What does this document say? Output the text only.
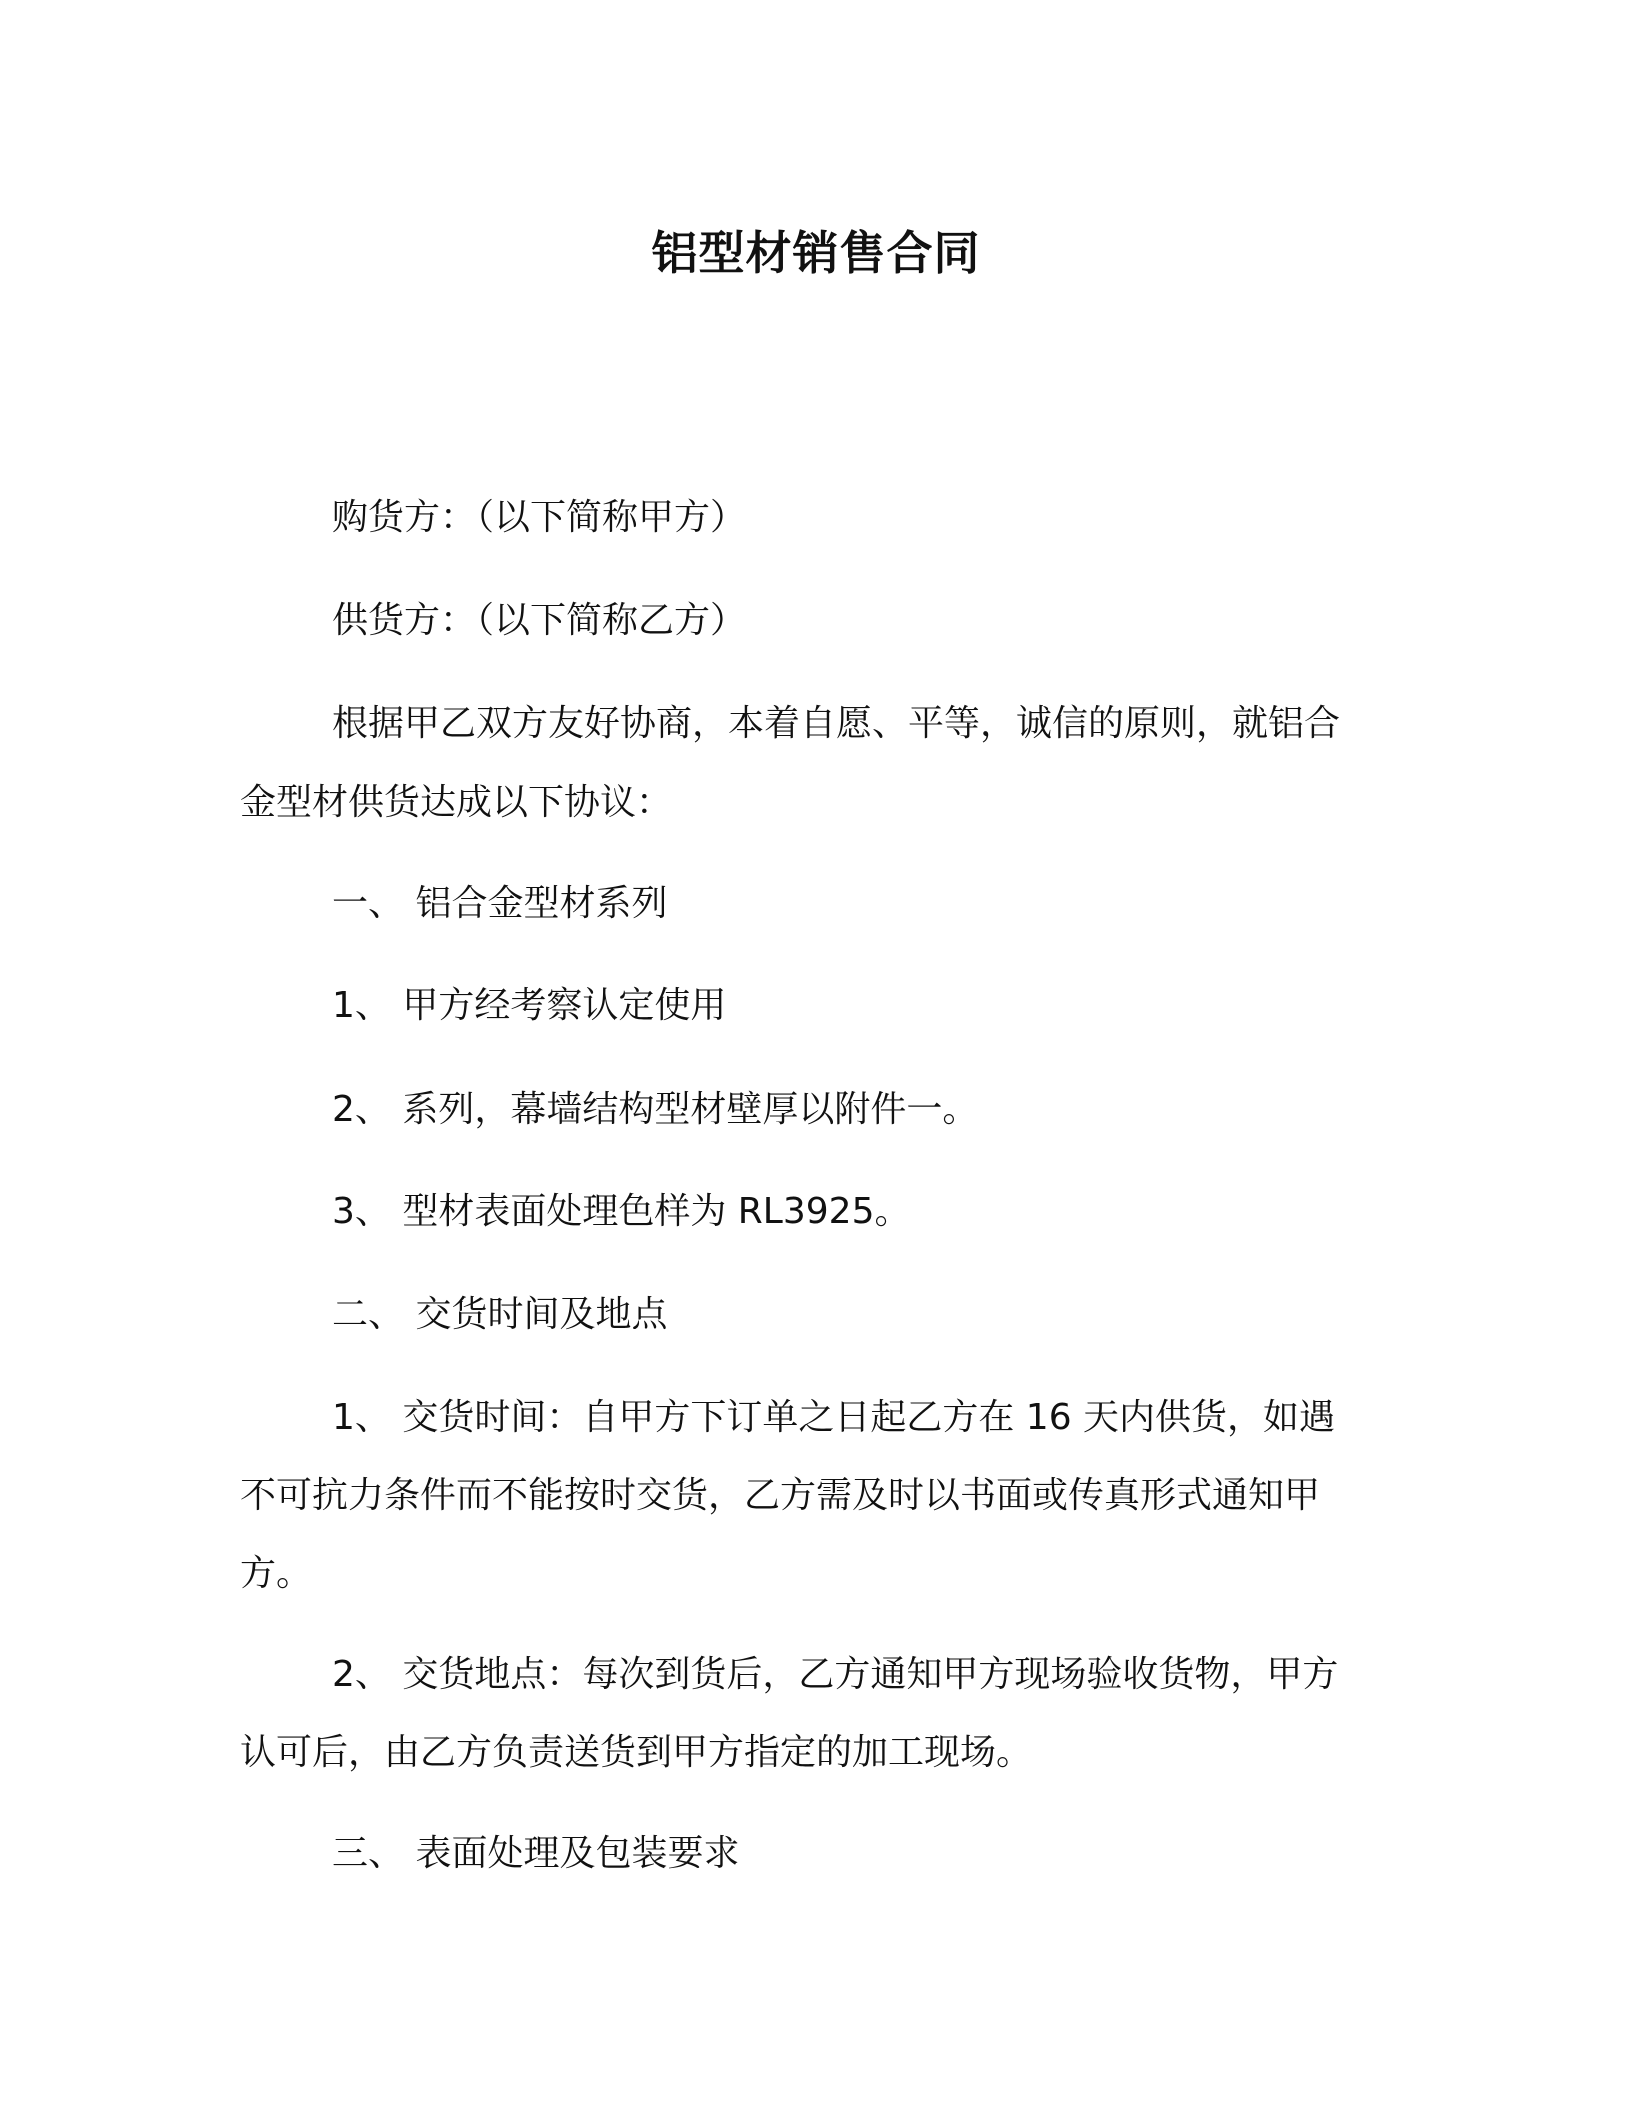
铝型材销售合同
购货方：（以下简称甲方）
供货方：（以下简称乙方）
根据甲乙双方友好协商，本着自愿、平等，诚信的原则，就铝合
金型材供货达成以下协议：
一、 铝合金型材系列
1、 甲方经考察认定使用
2、 系列，幕墙结构型材壁厚以附件一。
3、 型材表面处理色样为 RL3925。
二、 交货时间及地点
1、 交货时间：自甲方下订单之日起乙方在 16 天内供货，如遇
不可抗力条件而不能按时交货，乙方需及时以书面或传真形式通知甲
方。
2、 交货地点：每次到货后，乙方通知甲方现场验收货物，甲方
认可后，由乙方负责送货到甲方指定的加工现场。
三、 表面处理及包装要求
